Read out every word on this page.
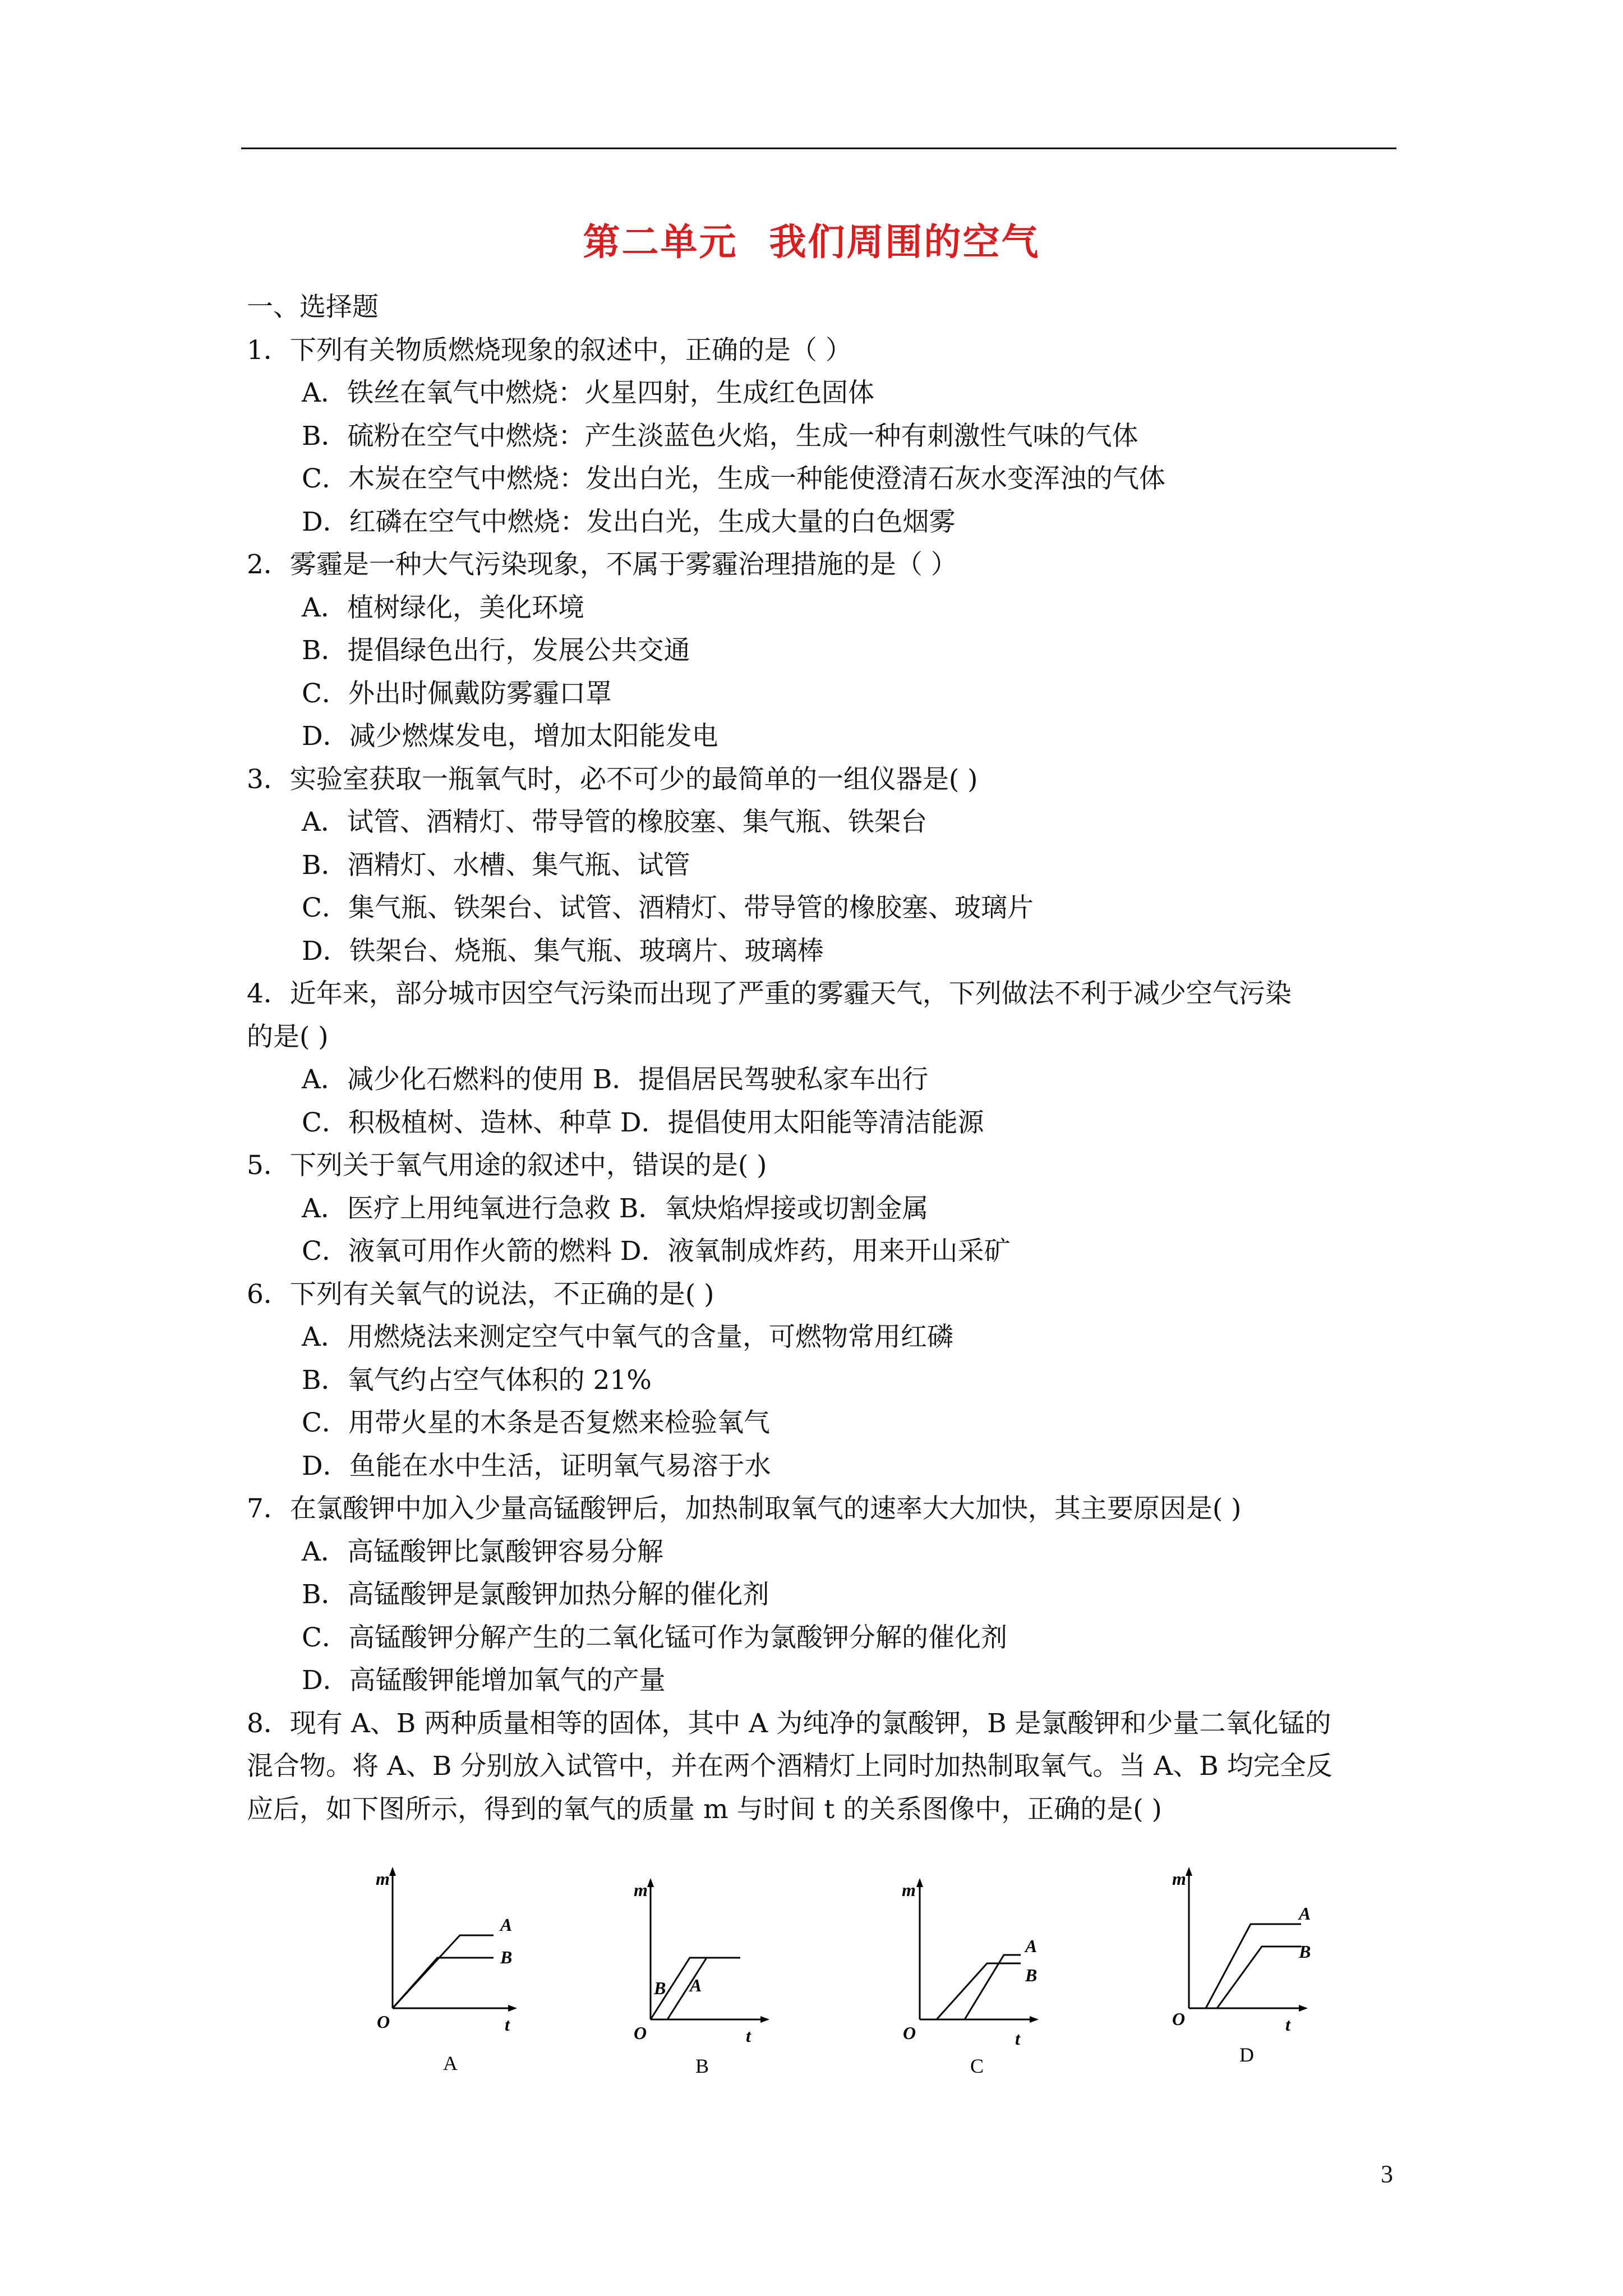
第二单元 我们周围的空气
一、选择题
1．下列有关物质燃烧现象的叙述中，正确的是（ ）
A．铁丝在氧气中燃烧：火星四射，生成红色固体
B．硫粉在空气中燃烧：产生淡蓝色火焰，生成一种有刺激性气味的气体
C．木炭在空气中燃烧：发出白光，生成一种能使澄清石灰水变浑浊的气体
D．红磷在空气中燃烧：发出白光，生成大量的白色烟雾
2．雾霾是一种大气污染现象，不属于雾霾治理措施的是（ ）
A．植树绿化，美化环境
B．提倡绿色出行，发展公共交通
C．外出时佩戴防雾霾口罩
D．减少燃煤发电，增加太阳能发电
3．实验室获取一瓶氧气时，必不可少的最简单的一组仪器是( )
A．试管、酒精灯、带导管的橡胶塞、集气瓶、铁架台
B．酒精灯、水槽、集气瓶、试管
C．集气瓶、铁架台、试管、酒精灯、带导管的橡胶塞、玻璃片
D．铁架台、烧瓶、集气瓶、玻璃片、玻璃棒
4．近年来，部分城市因空气污染而出现了严重的雾霾天气，下列做法不利于减少空气污染
的是( )
A．减少化石燃料的使用 B．提倡居民驾驶私家车出行
C．积极植树、造林、种草 D．提倡使用太阳能等清洁能源
5．下列关于氧气用途的叙述中，错误的是( )
A．医疗上用纯氧进行急救 B．氧炔焰焊接或切割金属
C．液氧可用作火箭的燃料 D．液氧制成炸药，用来开山采矿
6．下列有关氧气的说法，不正确的是( )
A．用燃烧法来测定空气中氧气的含量，可燃物常用红磷
B．氧气约占空气体积的 21%
C．用带火星的木条是否复燃来检验氧气
D．鱼能在水中生活，证明氧气易溶于水
7．在氯酸钾中加入少量高锰酸钾后，加热制取氧气的速率大大加快，其主要原因是( )
A．高锰酸钾比氯酸钾容易分解
B．高锰酸钾是氯酸钾加热分解的催化剂
C．高锰酸钾分解产生的二氧化锰可作为氯酸钾分解的催化剂
D．高锰酸钾能增加氧气的产量
8．现有 A、B 两种质量相等的固体，其中 A 为纯净的氯酸钾，B 是氯酸钾和少量二氧化锰的
混合物。将 A、B 分别放入试管中，并在两个酒精灯上同时加热制取氧气。当 A、B 均完全反
应后，如下图所示，得到的氧气的质量 m 与时间 t 的关系图像中，正确的是( )
m
O	t
A
B
A
m
O	t
B A
B
m
O	t
A
B
C
m
O	t
A
B
D
3
